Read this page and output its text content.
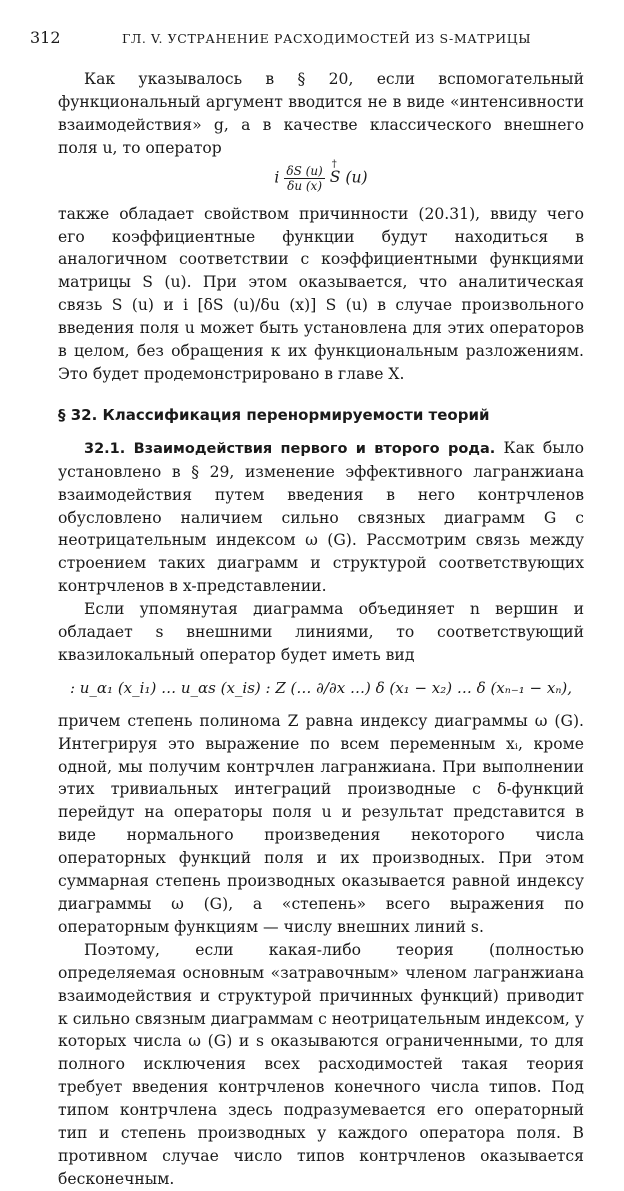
312	ГЛ. V. УСТРАНЕНИЕ РАСХОДИМОСТЕЙ ИЗ S-МАТРИЦЫ

Как указывалось в § 20, если вспомогательный функциональный аргумент вводится не в виде «интенсивности взаимодействия» g, а в качестве классического внешнего поля u, то оператор

i $\frac{\delta S (u)}{\delta u (x)}$
† S (u)

также обладает свойством причинности (20.31), ввиду чего его коэффициентные функции будут находиться в аналогичном соответствии с коэффициентными функциями матрицы S (u). При этом оказывается, что аналитическая связь S (u) и i [δS (u)/δu (x)] S (u) в случае произвольного введения поля u может быть установлена для этих операторов в целом, без обращения к их функциональным разложениям. Это будет продемонстрировано в главе X.

§ 32. Классификация перенормируемости теорий

32.1. Взаимодействия первого и второго рода. Как было установлено в § 29, изменение эффективного лагранжиана взаимодействия путем введения в него контрчленов обусловлено наличием сильно связных диаграмм G с неотрицательным индексом ω (G). Рассмотрим связь между строением таких диаграмм и структурой соответствующих контрчленов в x-представлении.

Если упомянутая диаграмма объединяет n вершин и обладает s внешними линиями, то соответствующий квазилокальный оператор будет иметь вид

: u_α₁ (x_i₁) … u_αs (x_is) : Z (… ∂/∂x …) δ (x₁ − x₂) … δ (xₙ₋₁ − xₙ),

причем степень полинома Z равна индексу диаграммы ω (G). Интегрируя это выражение по всем переменным xᵢ, кроме одной, мы получим контрчлен лагранжиана. При выполнении этих тривиальных интеграций производные с δ-функций перейдут на операторы поля u и результат представится в виде нормального произведения некоторого числа операторных функций поля и их производных. При этом суммарная степень производных оказывается равной индексу диаграммы ω (G), а «степень» всего выражения по операторным функциям — числу внешних линий s.

Поэтому, если какая-либо теория (полностью определяемая основным «затравочным» членом лагранжиана взаимодействия и структурой причинных функций) приводит к сильно связным диаграммам с неотрицательным индексом, у которых числа ω (G) и s оказываются ограниченными, то для полного исключения всех расходимостей такая теория требует введения контрчленов конечного числа типов. Под типом контрчлена здесь подразумевается его операторный тип и степень производных у каждого оператора поля. В противном случае число типов контрчленов оказывается бесконечным.
